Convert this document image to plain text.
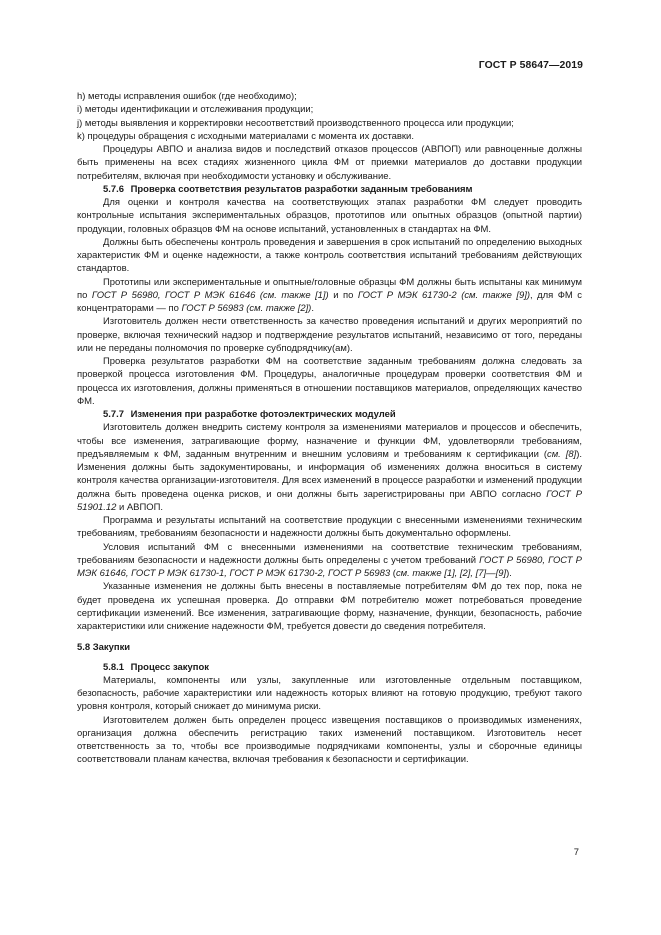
ГОСТ Р 58647—2019

h) методы исправления ошибок (где необходимо);

i) методы идентификации и отслеживания продукции;

j) методы выявления и корректировки несоответствий производственного процесса или продукции;

k) процедуры обращения с исходными материалами с момента их доставки.

Процедуры АВПО и анализа видов и последствий отказов процессов (АВПОП) или равноценные должны быть применены на всех стадиях жизненного цикла ФМ от приемки материалов до доставки продукции потребителям, включая при необходимости установку и обслуживание.

5.7.6 Проверка соответствия результатов разработки заданным требованиям

Для оценки и контроля качества на соответствующих этапах разработки ФМ следует проводить контрольные испытания экспериментальных образцов, прототипов или опытных образцов (опытной партии) продукции, головных образцов ФМ на основе испытаний, установленных в стандартах на ФМ.

Должны быть обеспечены контроль проведения и завершения в срок испытаний по определению выходных характеристик ФМ и оценке надежности, а также контроль соответствия испытаний требованиям действующих стандартов.

Прототипы или экспериментальные и опытные/головные образцы ФМ должны быть испытаны как минимум по ГОСТ Р 56980, ГОСТ Р МЭК 61646 (см. также [1]) и по ГОСТ Р МЭК 61730-2 (см. также [9]), для ФМ с концентраторами — по ГОСТ Р 56983 (см. также [2]).

Изготовитель должен нести ответственность за качество проведения испытаний и других мероприятий по проверке, включая технический надзор и подтверждение результатов испытаний, независимо от того, переданы или не переданы полномочия по проверке субподрядчику(ам).

Проверка результатов разработки ФМ на соответствие заданным требованиям должна следовать за проверкой процесса изготовления ФМ. Процедуры, аналогичные процедурам проверки соответствия ФМ и процесса их изготовления, должны применяться в отношении поставщиков материалов, определяющих качество ФМ.

5.7.7 Изменения при разработке фотоэлектрических модулей

Изготовитель должен внедрить систему контроля за изменениями материалов и процессов и обеспечить, чтобы все изменения, затрагивающие форму, назначение и функции ФМ, удовлетворяли требованиям, предъявляемым к ФМ, заданным внутренним и внешним условиям и требованиям к сертификации (см. [8]). Изменения должны быть задокументированы, и информация об изменениях должна вноситься в систему контроля качества организации-изготовителя. Для всех изменений в процессе разработки и изменений продукции должна быть проведена оценка рисков, и они должны быть зарегистрированы при АВПО согласно ГОСТ Р 51901.12 и АВПОП.

Программа и результаты испытаний на соответствие продукции с внесенными изменениями техническим требованиям, требованиям безопасности и надежности должны быть документально оформлены.

Условия испытаний ФМ с внесенными изменениями на соответствие техническим требованиям, требованиям безопасности и надежности должны быть определены с учетом требований ГОСТ Р 56980, ГОСТ Р МЭК 61646, ГОСТ Р МЭК 61730-1, ГОСТ Р МЭК 61730-2, ГОСТ Р 56983 (см. также [1], [2], [7]—[9]).

Указанные изменения не должны быть внесены в поставляемые потребителям ФМ до тех пор, пока не будет проведена их успешная проверка. До отправки ФМ потребителю может потребоваться проведение сертификации изменений. Все изменения, затрагивающие форму, назначение, функции, безопасность, рабочие характеристики или снижение надежности ФМ, требуется довести до сведения потребителя.

5.8 Закупки
5.8.1 Процесс закупок

Материалы, компоненты или узлы, закупленные или изготовленные отдельным поставщиком, безопасность, рабочие характеристики или надежность которых влияют на готовую продукцию, требуют такого уровня контроля, который снижает до минимума риски.

Изготовителем должен быть определен процесс извещения поставщиков о производимых изменениях, организация должна обеспечить регистрацию таких изменений поставщиком. Изготовитель несет ответственность за то, чтобы все производимые подрядчиками компоненты, узлы и сборочные единицы соответствовали планам качества, включая требования к безопасности и сертификации.

7
